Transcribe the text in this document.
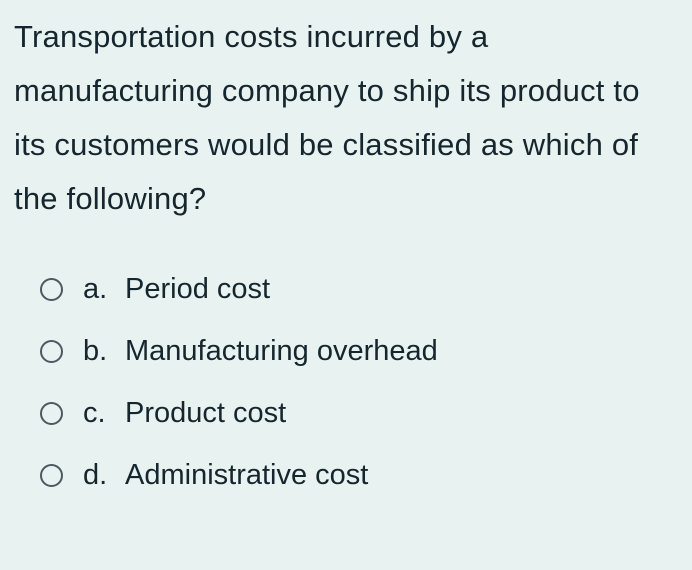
Transportation costs incurred by a manufacturing company to ship its product to its customers would be classified as which of the following?
a. Period cost
b. Manufacturing overhead
c. Product cost
d. Administrative cost
